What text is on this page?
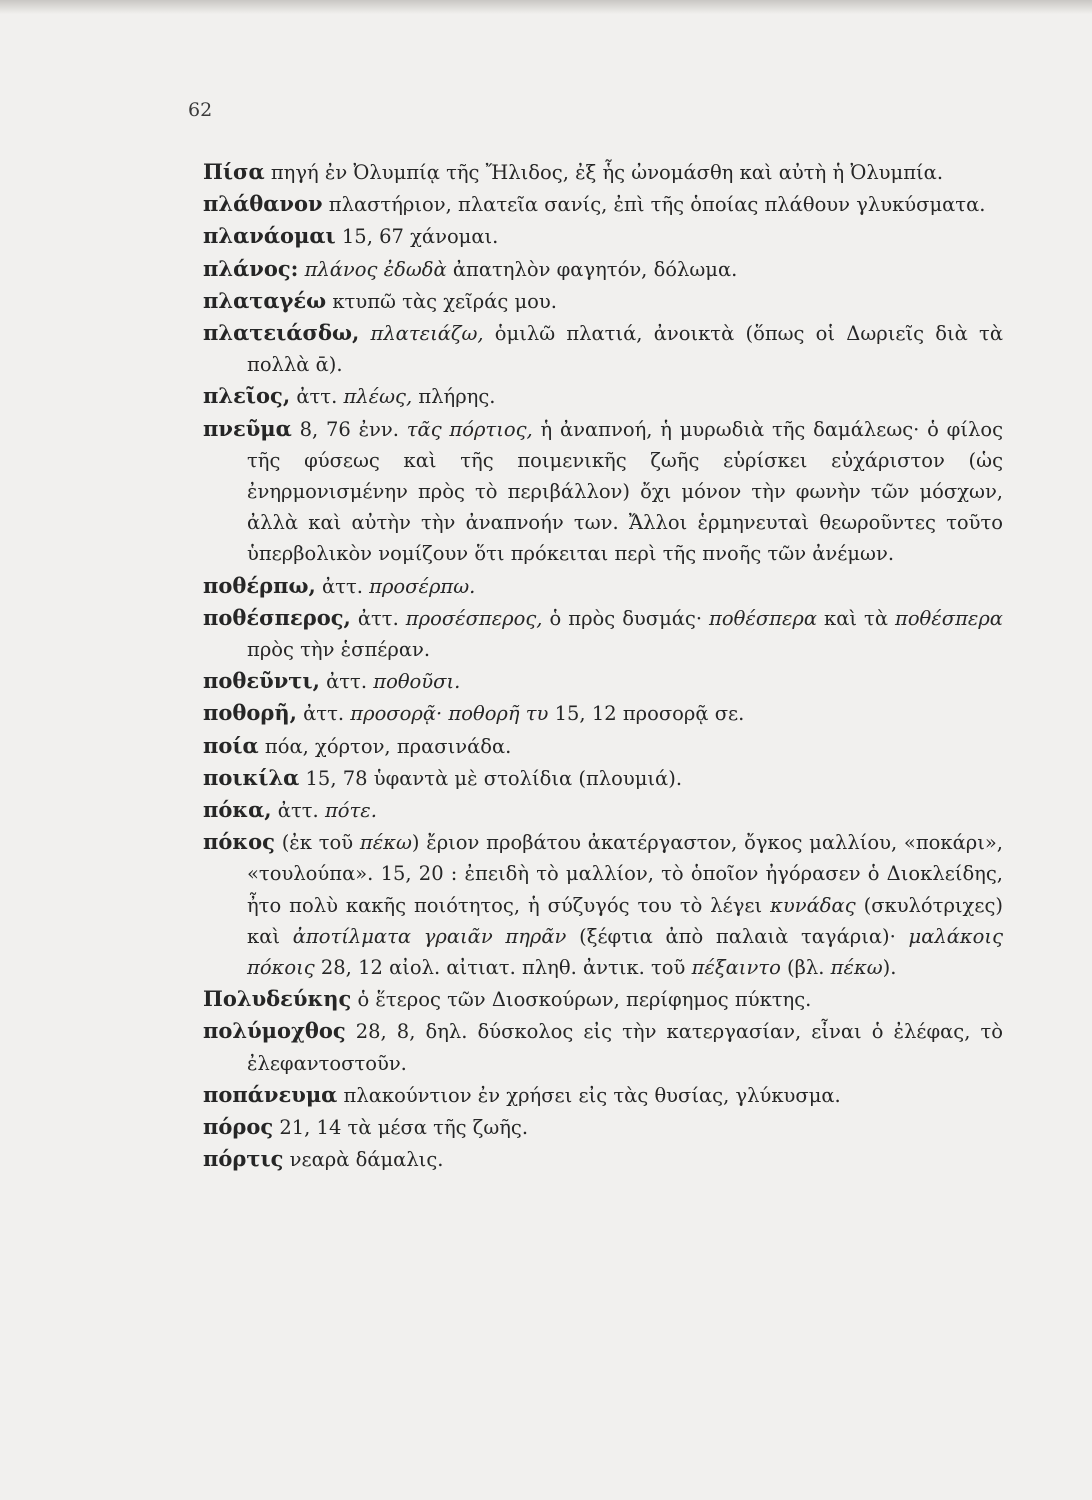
62
Πίσα πηγή ἐν Ὀλυμπίᾳ τῆς Ἤλιδος, ἐξ ἧς ὠνομάσθη καὶ αὐτὴ ἡ Ὀλυμπία.
πλάθανον πλαστήριον, πλατεῖα σανίς, ἐπὶ τῆς ὁποίας πλάθουν γλυκύσματα.
πλανάομαι 15, 67 χάνομαι.
πλάνος: πλάνος ἐδωδὰ ἀπατηλὸν φαγητόν, δόλωμα.
πλαταγέω κτυπῶ τὰς χεῖράς μου.
πλατειάσδω, πλατειάζω, ὁμιλῶ πλατιά, ἀνοικτὰ (ὅπως οἱ Δωριεῖς διὰ τὰ πολλὰ ᾱ).
πλεῖος, ἀττ. πλέως, πλήρης.
πνεῦμα 8, 76 ἐνν. τᾶς πόρτιος, ἡ ἀναπνοή, ἡ μυρωδιὰ τῆς δαμάλεως· ὁ φίλος τῆς φύσεως καὶ τῆς ποιμενικῆς ζωῆς εὑρίσκει εὐχάριστον (ὡς ἐνηρμονισμένην πρὸς τὸ περιβάλλον) ὄχι μόνον τὴν φωνὴν τῶν μόσχων, ἀλλὰ καὶ αὐτὴν τὴν ἀναπνοήν των. Ἄλλοι ἑρμηνευταὶ θεωροῦντες τοῦτο ὑπερβολικὸν νομίζουν ὅτι πρόκειται περὶ τῆς πνοῆς τῶν ἀνέμων.
ποθέρπω, ἀττ. προσέρπω.
ποθέσπερος, ἀττ. προσέσπερος, ὁ πρὸς δυσμάς· ποθέσπερα καὶ τὰ ποθέσπερα πρὸς τὴν ἑσπέραν.
ποθεῦντι, ἀττ. ποθοῦσι.
ποθορῆ, ἀττ. προσορᾷ· ποθορῆ τυ 15, 12 προσορᾷ σε.
ποία πόα, χόρτον, πρασινάδα.
ποικίλα 15, 78 ὑφαντὰ μὲ στολίδια (πλουμιά).
πόκα, ἀττ. πότε.
πόκος (ἐκ τοῦ πέκω) ἔριον προβάτου ἀκατέργαστον, ὄγκος μαλλίου, «ποκάρι», «τουλούπα». 15, 20 : ἐπειδὴ τὸ μαλλίον, τὸ ὁποῖον ἠγόρασεν ὁ Διοκλείδης, ἦτο πολὺ κακῆς ποιότητος, ἡ σύζυγός του τὸ λέγει κυνάδας (σκυλότριχες) καὶ ἀποτίλματα γραιᾶν πηρᾶν (ξέφτια ἀπὸ παλαιὰ ταγάρια)· μαλάκοις πόκοις 28, 12 αἰολ. αἰτιατ. πληθ. ἀντικ. τοῦ πέξαιντο (βλ. πέκω).
Πολυδεύκης ὁ ἕτερος τῶν Διοσκούρων, περίφημος πύκτης.
πολύμοχθος 28, 8, δηλ. δύσκολος εἰς τὴν κατεργασίαν, εἶναι ὁ ἐλέφας, τὸ ἐλεφαντοστοῦν.
ποπάνευμα πλακούντιον ἐν χρήσει εἰς τὰς θυσίας, γλύκυσμα.
πόρος 21, 14 τὰ μέσα τῆς ζωῆς.
πόρτις νεαρὰ δάμαλις.
